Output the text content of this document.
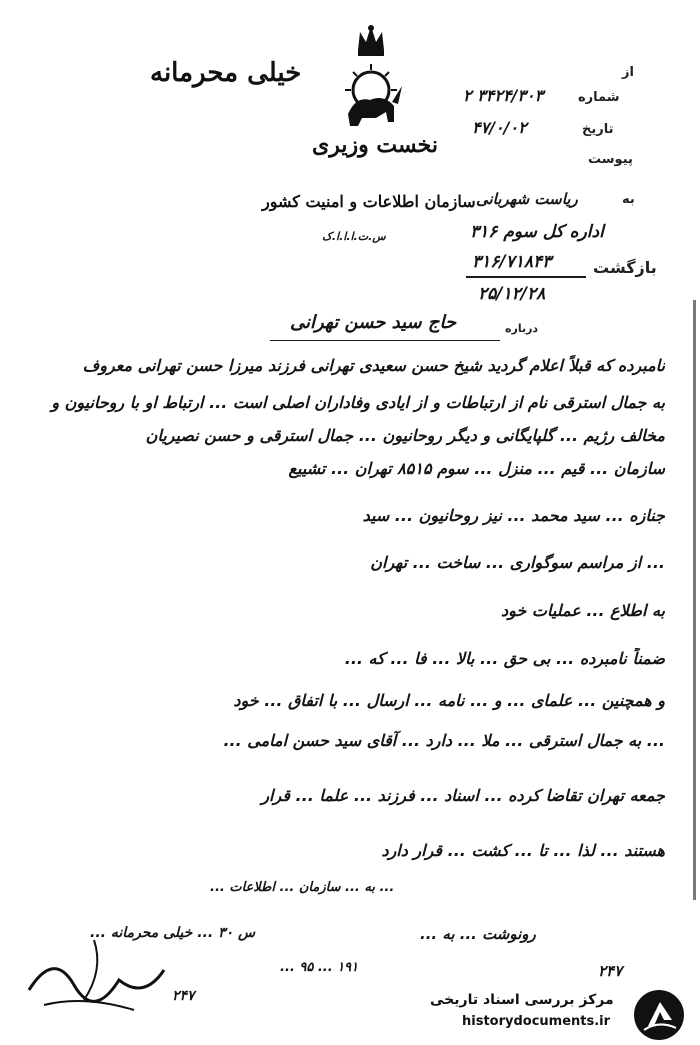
خیلی محرمانه
نخست وزیری
سازمان اطلاعات و امنیت کشور
س.ت.ا.ا.ا.ک
از
شماره
۳۴۲۴/۳۰۳ ۲
تاریخ
۴۷/۰/۰۲
پیوست
به
ریاست شهربانی
اداره کل سوم ۳۱۶
بازگشت
۳۱۶/۷۱۸۴۳
۲۵/۱۲/۲۸
درباره
حاج سید حسن تهرانی
نامبرده که قبلاً اعلام گردید شیخ حسن سعیدی تهرانی فرزند میرزا حسن تهرانی معروف
به جمال استرقی نام از ارتباطات و از ایادی وفاداران اصلی است ... ارتباط او با روحانیون و
مخالف رژیم ... گلپایگانی و دیگر روحانیون ... جمال استرقی و حسن نصیریان
سازمان ... قیم ... منزل ... سوم ۸۵۱۵ تهران ... تشییع
جنازه ... سید محمد ... نیز روحانیون ... سید
... از مراسم سوگواری ... ساخت ... تهران
به اطلاع ... عملیات خود
ضمناً نامبرده ... بی حق ... بالا ... فا ... که ...
و همچنین ... علمای ... و ... نامه ... ارسال ... با اتفاق ... خود
... به جمال استرقی ... ملا ... دارد ... آقای سید حسن امامی ...
جمعه تهران تقاضا کرده ... اسناد ... فرزند ... علما ... قرار
هستند ... لذا ... تا ... کشت ... قرار دارد
... به ... سازمان ... اطلاعات ...
رونوشت ... به ...
س ۳۰ ... خیلی محرمانه ...
۲۴۷
۲۴۷
۱۹۱ ... ۹۵ ...
مرکز بررسی اسناد تاریخی
historydocuments.ir
